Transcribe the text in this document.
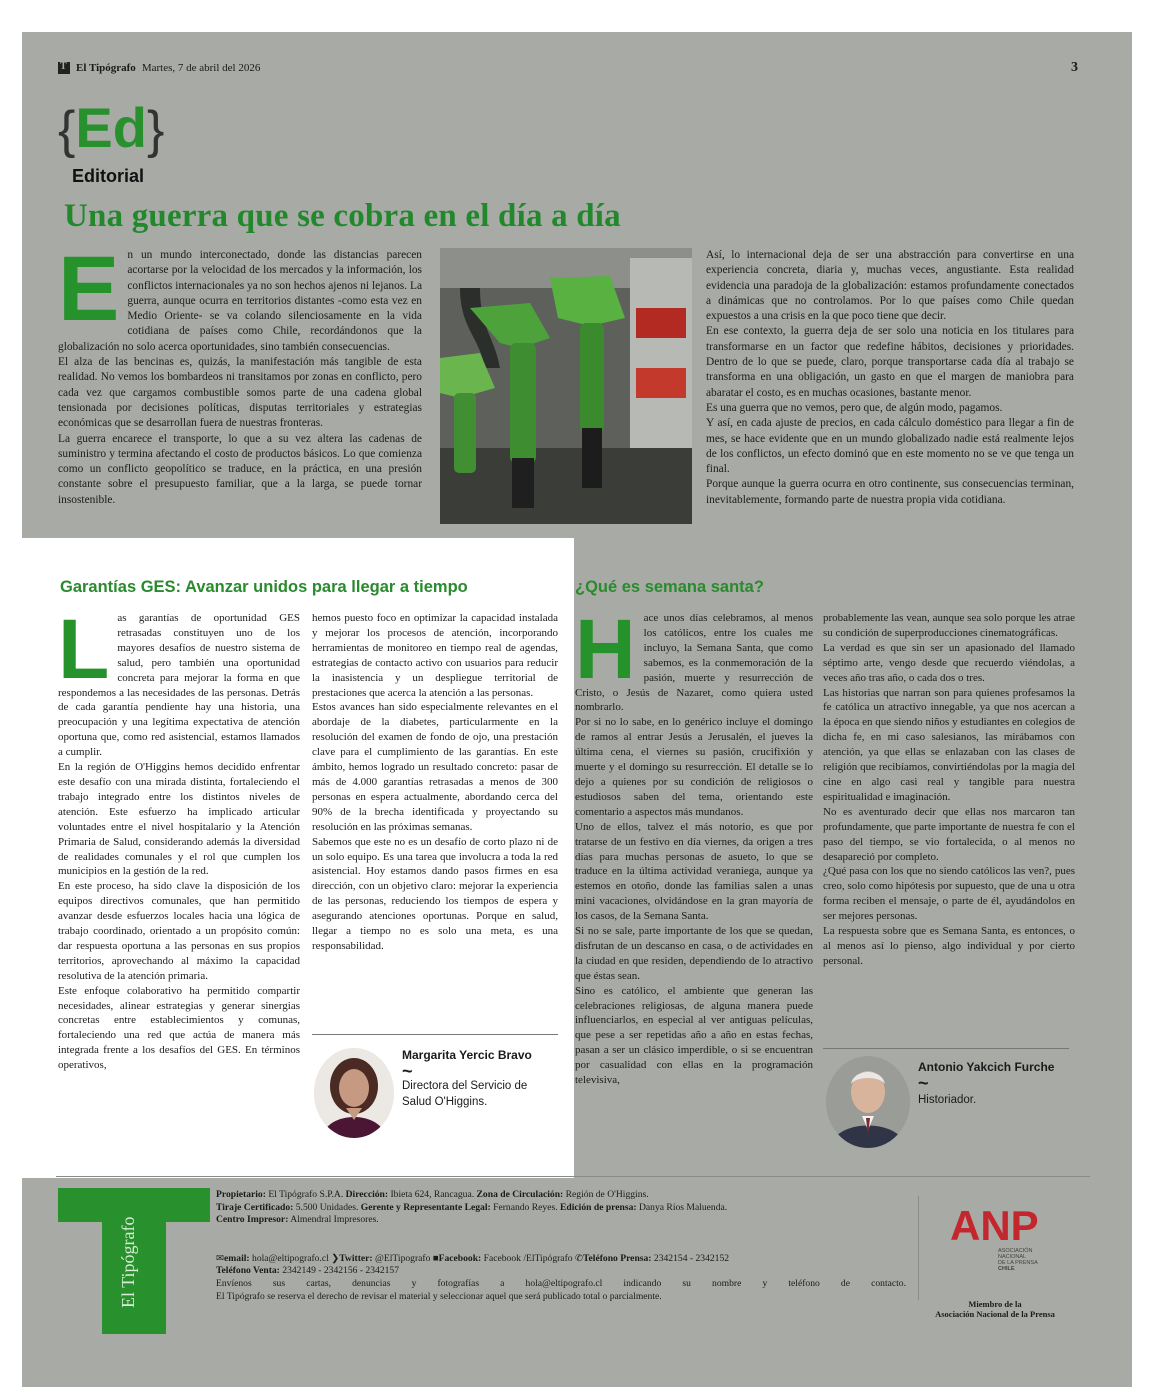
T
El Tipógrafo Martes, 7 de abril del 2026	3
{Ed}
Editorial
Una guerra que se cobra en el día a día
E n un mundo interconectado, donde las distancias parecen acortarse por la velocidad de los mercados y la información, los conflictos internacionales ya no son hechos ajenos ni lejanos. La guerra, aunque ocurra en territorios distantes -como esta vez en Medio Oriente- se va colando silenciosamente en la vida cotidiana de países como Chile, recordándonos que la globalización no solo acerca oportunidades, sino también consecuencias.

El alza de las bencinas es, quizás, la manifestación más tangible de esta realidad. No vemos los bombardeos ni transitamos por zonas en conflicto, pero cada vez que cargamos combustible somos parte de una cadena global tensionada por decisiones políticas, disputas territoriales y estrategias económicas que se desarrollan fuera de nuestras fronteras.

La guerra encarece el transporte, lo que a su vez altera las cadenas de suministro y termina afectando el costo de productos básicos. Lo que comienza como un conflicto geopolítico se traduce, en la práctica, en una presión constante sobre el presupuesto familiar, que a la larga, se puede tornar insostenible.

Así, lo internacional deja de ser una abstracción para convertirse en una experiencia concreta, diaria y, muchas veces, angustiante. Esta realidad evidencia una paradoja de la globalización: estamos profundamente conectados a dinámicas que no controlamos. Por lo que países como Chile quedan expuestos a una crisis en la que poco tiene que decir.

En ese contexto, la guerra deja de ser solo una noticia en los titulares para transformarse en un factor que redefine hábitos, decisiones y prioridades. Dentro de lo que se puede, claro, porque transportarse cada día al trabajo se transforma en una obligación, un gasto en que el margen de maniobra para abaratar el costo, es en muchas ocasiones, bastante menor.

Es una guerra que no vemos, pero que, de algún modo, pagamos.

Y así, en cada ajuste de precios, en cada cálculo doméstico para llegar a fin de mes, se hace evidente que en un mundo globalizado nadie está realmente lejos de los conflictos, un efecto dominó que en este momento no se ve que tenga un final.

Porque aunque la guerra ocurra en otro continente, sus consecuencias terminan, inevitablemente, formando parte de nuestra propia vida cotidiana.

Garantías GES: Avanzar unidos para llegar a tiempo
L as garantías de oportunidad GES retrasadas constituyen uno de los mayores desafíos de nuestro sistema de salud, pero también una oportunidad concreta para mejorar la forma en que respondemos a las necesidades de las personas. Detrás de cada garantía pendiente hay una historia, una preocupación y una legítima expectativa de atención oportuna que, como red asistencial, estamos llamados a cumplir.

En la región de O'Higgins hemos decidido enfrentar este desafío con una mirada distinta, fortaleciendo el trabajo integrado entre los distintos niveles de atención. Este esfuerzo ha implicado articular voluntades entre el nivel hospitalario y la Atención Primaria de Salud, considerando además la diversidad de realidades comunales y el rol que cumplen los municipios en la gestión de la red.

En este proceso, ha sido clave la disposición de los equipos directivos comunales, que han permitido avanzar desde esfuerzos locales hacia una lógica de trabajo coordinado, orientado a un propósito común: dar respuesta oportuna a las personas en sus propios territorios, aprovechando al máximo la capacidad resolutiva de la atención primaria.

Este enfoque colaborativo ha permitido compartir necesidades, alinear estrategias y generar sinergias concretas entre establecimientos y comunas, fortaleciendo una red que actúa de manera más integrada frente a los desafíos del GES. En términos operativos,

hemos puesto foco en optimizar la capacidad instalada y mejorar los procesos de atención, incorporando herramientas de monitoreo en tiempo real de agendas, estrategias de contacto activo con usuarios para reducir la inasistencia y un despliegue territorial de prestaciones que acerca la atención a las personas.

Estos avances han sido especialmente relevantes en el abordaje de la diabetes, particularmente en la resolución del examen de fondo de ojo, una prestación clave para el cumplimiento de las garantías. En este ámbito, hemos logrado un resultado concreto: pasar de más de 4.000 garantías retrasadas a menos de 300 personas en espera actualmente, abordando cerca del 90% de la brecha identificada y proyectando su resolución en las próximas semanas.

Sabemos que este no es un desafío de corto plazo ni de un solo equipo. Es una tarea que involucra a toda la red asistencial. Hoy estamos dando pasos firmes en esa dirección, con un objetivo claro: mejorar la experiencia de las personas, reduciendo los tiempos de espera y asegurando atenciones oportunas. Porque en salud, llegar a tiempo no es solo una meta, es una responsabilidad.

Margarita Yercic Bravo
~
Directora del Servicio de Salud O'Higgins.
¿Qué es semana santa?
H ace unos días celebramos, al menos los católicos, entre los cuales me incluyo, la Semana Santa, que como sabemos, es la conmemoración de la pasión, muerte y resurrección de Cristo, o Jesús de Nazaret, como quiera usted nombrarlo.

Por si no lo sabe, en lo genérico incluye el domingo de ramos al entrar Jesús a Jerusalén, el jueves la última cena, el viernes su pasión, crucifixión y muerte y el domingo su resurrección. El detalle se lo dejo a quienes por su condición de religiosos o estudiosos saben del tema, orientando este comentario a aspectos más mundanos.

Uno de ellos, talvez el más notorio, es que por tratarse de un festivo en día viernes, da origen a tres días para muchas personas de asueto, lo que se traduce en la última actividad veraniega, aunque ya estemos en otoño, donde las familias salen a unas mini vacaciones, olvidándose en la gran mayoría de los casos, de la Semana Santa.

Si no se sale, parte importante de los que se quedan, disfrutan de un descanso en casa, o de actividades en la ciudad en que residen, dependiendo de lo atractivo que éstas sean.

Sino es católico, el ambiente que generan las celebraciones religiosas, de alguna manera puede influenciarlos, en especial al ver antiguas películas, que pese a ser repetidas año a año en estas fechas, pasan a ser un clásico imperdible, o si se encuentran por casualidad con ellas en la programación televisiva,

probablemente las vean, aunque sea solo porque les atrae su condición de superproducciones cinematográficas.

La verdad es que sin ser un apasionado del llamado séptimo arte, vengo desde que recuerdo viéndolas, a veces año tras año, o cada dos o tres.

Las historias que narran son para quienes profesamos la fe católica un atractivo innegable, ya que nos acercan a la época en que siendo niños y estudiantes en colegios de dicha fe, en mi caso salesianos, las mirábamos con atención, ya que ellas se enlazaban con las clases de religión que recibíamos, convirtiéndolas por la magia del cine en algo casi real y tangible para nuestra espiritualidad e imaginación.

No es aventurado decir que ellas nos marcaron tan profundamente, que parte importante de nuestra fe con el paso del tiempo, se vio fortalecida, o al menos no desapareció por completo.

¿Qué pasa con los que no siendo católicos las ven?, pues creo, solo como hipótesis por supuesto, que de una u otra forma reciben el mensaje, o parte de él, ayudándolos en ser mejores personas.

La respuesta sobre que es Semana Santa, es entonces, o al menos así lo pienso, algo individual y por cierto personal.

Antonio Yakcich Furche
~
Historiador.
El Tipógrafo
Propietario: El Tipógrafo S.P.A. Dirección: Ibieta 624, Rancagua. Zona de Circulación: Región de O'Higgins.
Tiraje Certificado: 5.500 Unidades. Gerente y Representante Legal: Fernando Reyes. Edición de prensa: Danya Ríos Maluenda.
Centro Impresor: Almendral Impresores.
✉email: hola@eltipografo.cl ❯Twitter: @ElTipografo ■Facebook: Facebook /ElTipógrafo ✆Teléfono Prensa: 2342154 - 2342152
Teléfono Venta: 2342149 - 2342156 - 2342157
Envíenos sus cartas, denuncias y fotografías a hola@eltipografo.cl indicando su nombre y teléfono de contacto.
El Tipógrafo se reserva el derecho de revisar el material y seleccionar aquel que será publicado total o parcialmente.
ANP
ASOCIACIÓN
NACIONAL
DE LA PRENSA
CHILE
Miembro de la
Asociación Nacional de la Prensa
